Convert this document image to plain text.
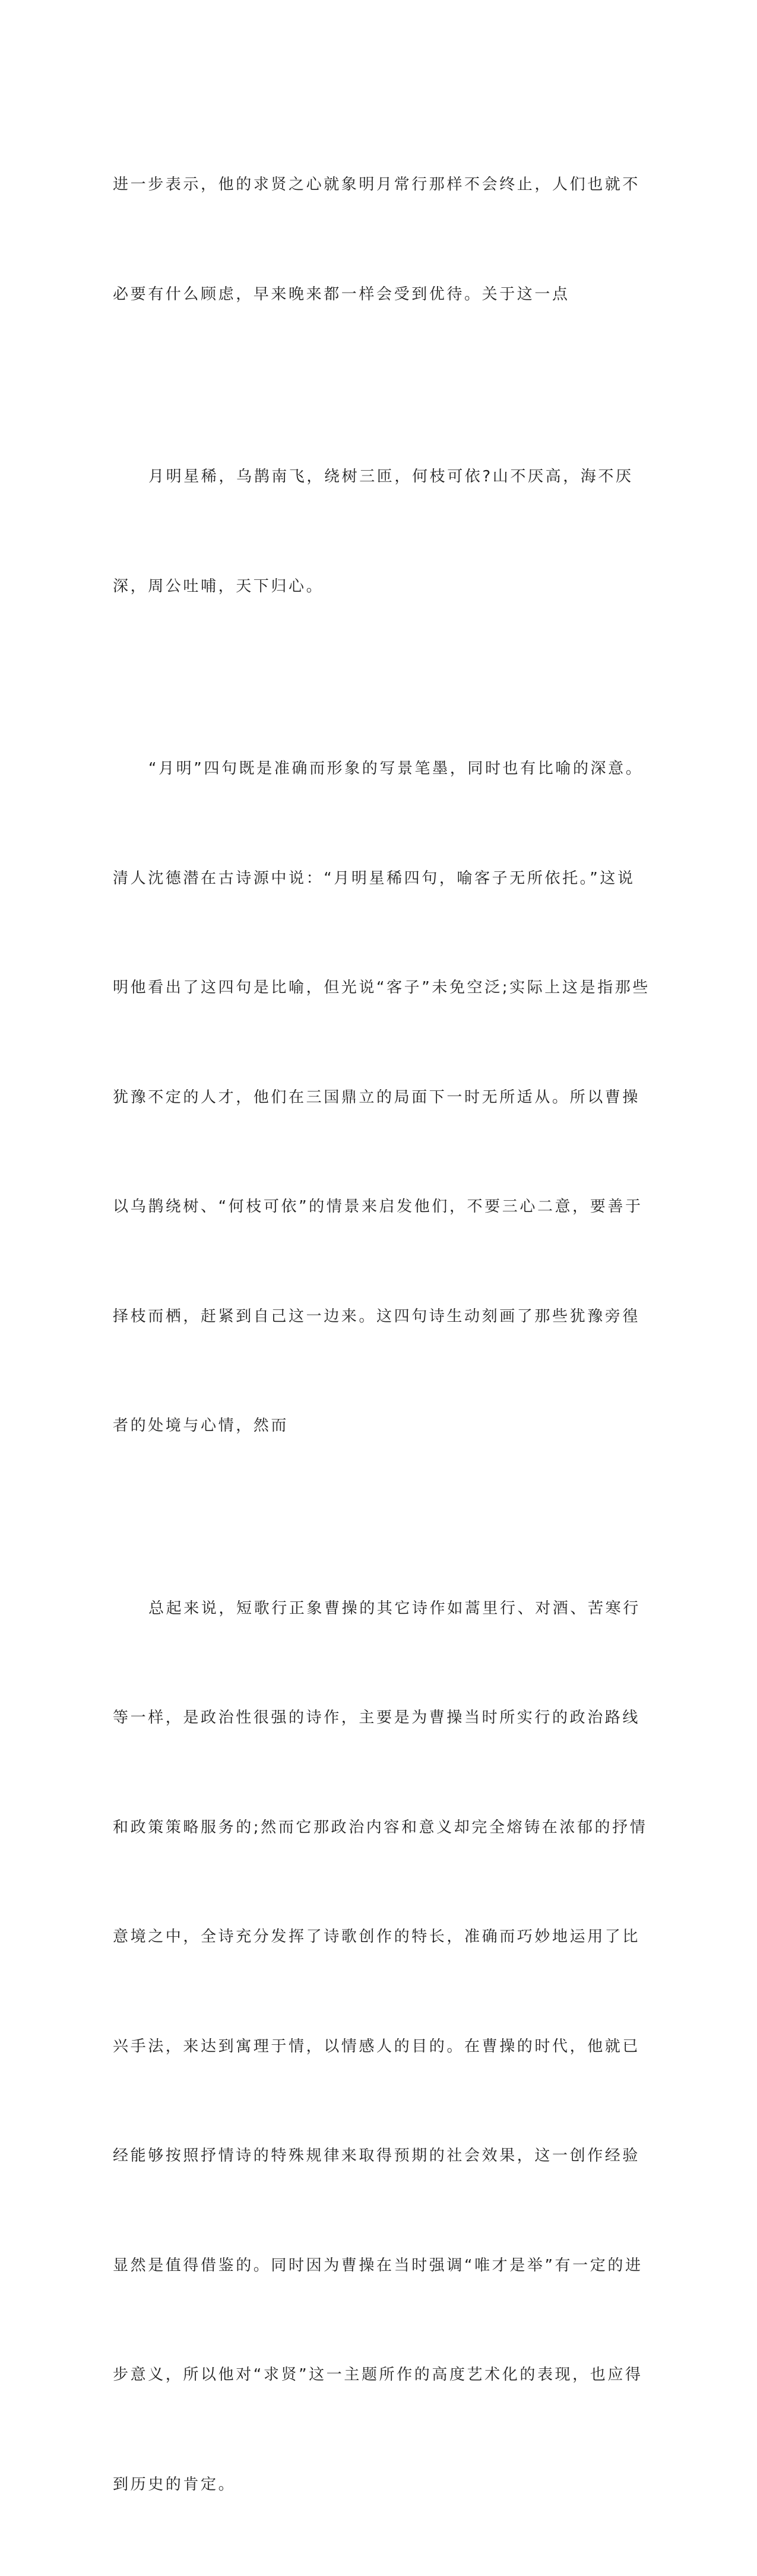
进一步表示，他的求贤之心就象明月常行那样不会终止，人们也就不

必要有什么顾虑，早来晚来都一样会受到优待。关于这一点

月明星稀，乌鹊南飞，绕树三匝，何枝可依?山不厌高，海不厌

深，周公吐哺，天下归心。

“月明”四句既是准确而形象的写景笔墨，同时也有比喻的深意。

清人沈德潜在古诗源中说：“月明星稀四句，喻客子无所依托。”这说

明他看出了这四句是比喻，但光说“客子”未免空泛;实际上这是指那些

犹豫不定的人才，他们在三国鼎立的局面下一时无所适从。所以曹操

以乌鹊绕树、“何枝可依”的情景来启发他们，不要三心二意，要善于

择枝而栖，赶紧到自己这一边来。这四句诗生动刻画了那些犹豫旁徨

者的处境与心情，然而

总起来说，短歌行正象曹操的其它诗作如蒿里行、对酒、苦寒行

等一样，是政治性很强的诗作，主要是为曹操当时所实行的政治路线

和政策策略服务的;然而它那政治内容和意义却完全熔铸在浓郁的抒情

意境之中，全诗充分发挥了诗歌创作的特长，准确而巧妙地运用了比

兴手法，来达到寓理于情，以情感人的目的。在曹操的时代，他就已

经能够按照抒情诗的特殊规律来取得预期的社会效果，这一创作经验

显然是值得借鉴的。同时因为曹操在当时强调“唯才是举”有一定的进

步意义，所以他对“求贤”这一主题所作的高度艺术化的表现，也应得

到历史的肯定。
